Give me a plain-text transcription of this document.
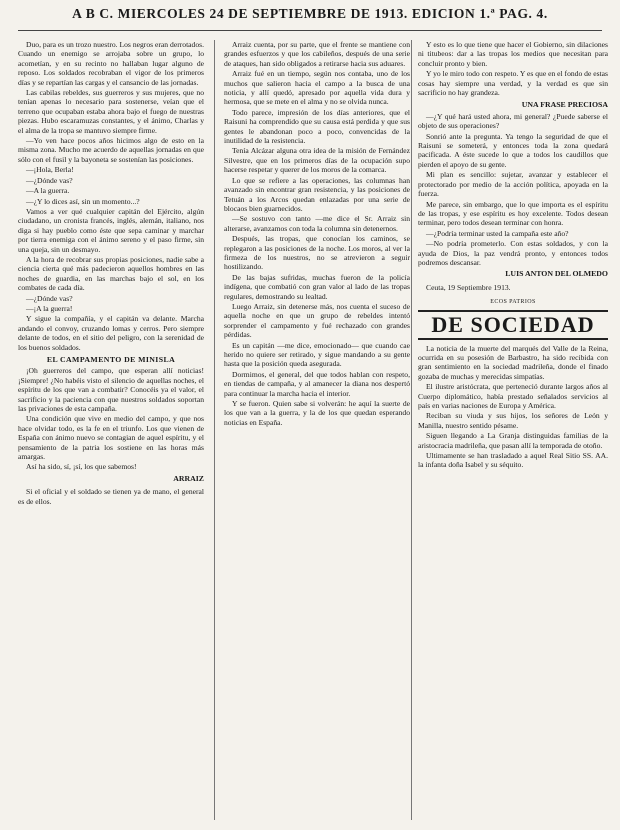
A B C. MIERCOLES 24 DE SEPTIEMBRE DE 1913. EDICION 1.ª PAG. 4.

Duo, para es un trozo nuestro. Los negros eran derrotados. Cuando un enemigo se arrojaba sobre un grupo, lo acometían, y en su recinto no hallaban lugar alguno de reposo. Los soldados recobraban el vigor de los primeros días y se repartían las cargas y el cansancio de las jornadas.

Las cabilas rebeldes, sus guerreros y sus mujeres, que no tenían apenas lo necesario para sostenerse, veían que el terreno que ocupaban estaba ahora bajo el fuego de nuestras piezas. Hubo escaramuzas constantes, y el ánimo, Charlas y el alma de la tropa se mantuvo siempre firme.

—Yo ven hace pocos años hicimos algo de esto en la misma zona. Mucho me acuerdo de aquellas jornadas en que sólo con el fusil y la bayoneta se sostenían las posiciones.

—¡Hola, Berla!

—¿Dónde vas?

—A la guerra.

—¿Y lo dices así, sin un momento...?

Vamos a ver qué cualquier capitán del Ejército, algún ciudadano, un cronista francés, inglés, alemán, italiano, nos diga si hay pueblo como éste que sepa caminar y marchar por tierra enemiga con el ánimo sereno y el paso firme, sin una queja, sin un desmayo.

A la hora de recobrar sus propias posiciones, nadie sabe a ciencia cierta qué más padecieron aquellos hombres en las noches de guardia, en las marchas bajo el sol, en los combates de cada día.

—¿Dónde vas?

—¡A la guerra!

Y sigue la compañía, y el capitán va delante. Marcha andando el convoy, cruzando lomas y cerros. Pero siempre delante de todos, en el sitio del peligro, con la serenidad de los buenos soldados.

EL CAMPAMENTO DE MINISLA

¡Oh guerreros del campo, que esperan allí noticias! ¡Siempre! ¿No habéis visto el silencio de aquellas noches, el espíritu de los que van a combatir? Conocéis ya el valor, el sacrificio y la paciencia con que nuestros soldados soportan las privaciones de esta campaña.

Una condición que vive en medio del campo, y que nos hace olvidar todo, es la fe en el triunfo. Los que vienen de España con ánimo nuevo se contagian de aquel espíritu, y el pensamiento de la patria los sostiene en las horas más amargas.

Así ha sido, sí, ¡sí, los que sabemos!

ARRAIZ

Si el oficial y el soldado se tienen ya de mano, el general es de ellos.

Arraiz cuenta, por su parte, que el frente se mantiene con grandes esfuerzos y que los cabileños, después de una serie de ataques, han sido obligados a retirarse hacia sus aduares.

Arraiz fué en un tiempo, según nos contaba, uno de los muchos que salieron hacia el campo a la busca de una noticia, y allí quedó, apresado por aquella vida dura y hermosa, que se mete en el alma y no se olvida nunca.

Todo parece, impresión de los días anteriores, que el Raisuni ha comprendido que su causa está perdida y que sus gentes le abandonan poco a poco, convencidas de la inutilidad de la resistencia.

Tenía Alcázar alguna otra idea de la misión de Fernández Silvestre, que en los primeros días de la ocupación supo hacerse respetar y querer de los moros de la comarca.

Lo que se refiere a las operaciones, las columnas han avanzado sin encontrar gran resistencia, y las posiciones de Tetuán a los Arcos quedan enlazadas por una serie de blocaos bien guarnecidos.

—Se sostuvo con tanto —me dice el Sr. Arraiz sin alterarse, avanzamos con toda la columna sin detenernos.

Después, las tropas, que conocían los caminos, se replegaron a las posiciones de la noche. Los moros, al ver la firmeza de los nuestros, no se atrevieron a seguir hostilizando.

De las bajas sufridas, muchas fueron de la policía indígena, que combatió con gran valor al lado de las tropas regulares, demostrando su lealtad.

Luego Arraiz, sin detenerse más, nos cuenta el suceso de aquella noche en que un grupo de rebeldes intentó sorprender el campamento y fué rechazado con grandes pérdidas.

Es un capitán —me dice, emocionado— que cuando cae herido no quiere ser retirado, y sigue mandando a su gente hasta que la posición queda asegurada.

Dormimos, el general, del que todos hablan con respeto, en tiendas de campaña, y al amanecer la diana nos despertó para continuar la marcha hacia el interior.

Y se fueron. Quien sabe si volverán: he aquí la suerte de los que van a la guerra, y la de los que quedan esperando noticias en España.

Y esto es lo que tiene que hacer el Gobierno, sin dilaciones ni titubeos: dar a las tropas los medios que necesitan para concluir pronto y bien.

Y yo le miro todo con respeto. Y es que en el fondo de estas cosas hay siempre una verdad, y la verdad es que sin sacrificio no hay grandeza.

UNA FRASE PRECIOSA

—¿Y qué hará usted ahora, mi general? ¿Puede saberse el objeto de sus operaciones?

Sonrió ante la pregunta. Ya tengo la seguridad de que el Raisuni se someterá, y entonces toda la zona quedará pacificada. A éste sucede lo que a todos los caudillos que pierden el apoyo de su gente.

Mi plan es sencillo: sujetar, avanzar y establecer el protectorado por medio de la acción política, apoyada en la fuerza.

Me parece, sin embargo, que lo que importa es el espíritu de las tropas, y ese espíritu es hoy excelente. Todos desean terminar, pero todos desean terminar con honra.

—¿Podría terminar usted la campaña este año?

—No podría prometerlo. Con estas soldados, y con la ayuda de Dios, la paz vendrá pronto, y entonces todos podremos descansar.

LUIS ANTON DEL OLMEDO

Ceuta, 19 Septiembre 1913.

ECOS PATRIOS
DE SOCIEDAD

La noticia de la muerte del marqués del Valle de la Reina, ocurrida en su posesión de Barbastro, ha sido recibida con gran sentimiento en la sociedad madrileña, donde el finado gozaba de muchas y merecidas simpatías.

El ilustre aristócrata, que perteneció durante largos años al Cuerpo diplomático, había prestado señalados servicios al país en varias naciones de Europa y América.

Reciban su viuda y sus hijos, los señores de León y Manilla, nuestro sentido pésame.

Siguen llegando a La Granja distinguidas familias de la aristocracia madrileña, que pasan allí la temporada de otoño.

Ultimamente se han trasladado a aquel Real Sitio SS. AA. la infanta doña Isabel y su séquito.
